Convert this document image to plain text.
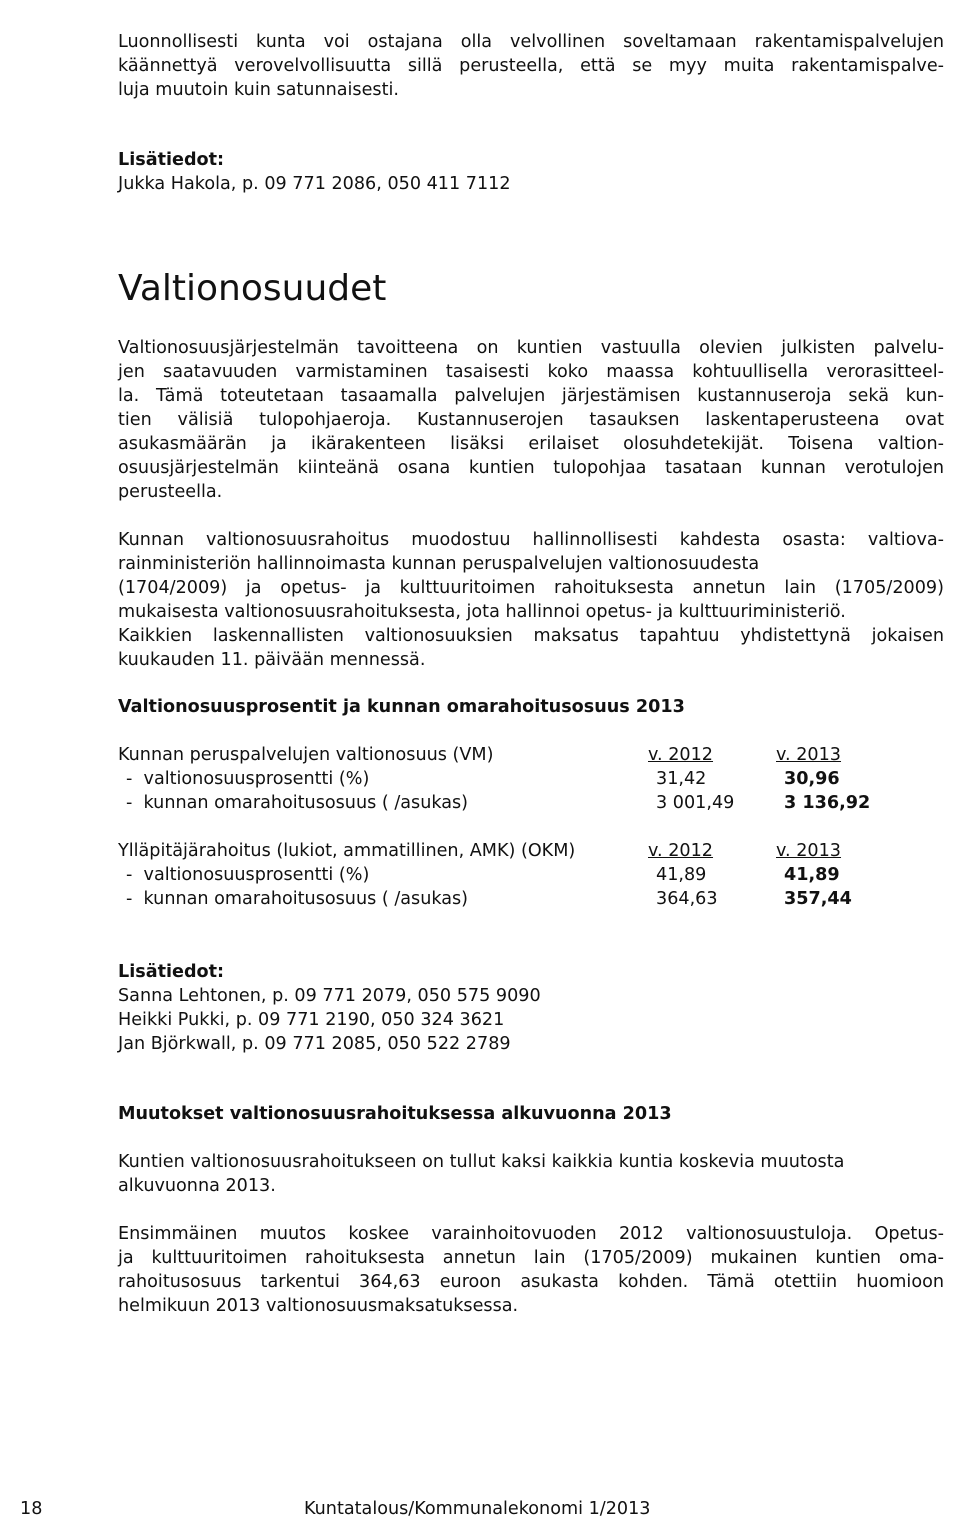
Luonnollisesti kunta voi ostajana olla velvollinen soveltamaan rakentamispalvelujen
käännettyä verovelvollisuutta sillä perusteella, että se myy muita rakentamispalve-
luja muutoin kuin satunnaisesti.
Lisätiedot:
Jukka Hakola, p. 09 771 2086, 050 411 7112
Valtionosuudet
Valtionosuusjärjestelmän tavoitteena on kuntien vastuulla olevien julkisten palvelu-
jen saatavuuden varmistaminen tasaisesti koko maassa kohtuullisella verorasitteel-
la. Tämä toteutetaan tasaamalla palvelujen järjestämisen kustannuseroja sekä kun-
tien välisiä tulopohjaeroja. Kustannuserojen tasauksen laskentaperusteena ovat
asukasmäärän ja ikärakenteen lisäksi erilaiset olosuhdetekijät. Toisena valtion-
osuusjärjestelmän kiinteänä osana kuntien tulopohjaa tasataan kunnan verotulojen
perusteella.
Kunnan valtionosuusrahoitus muodostuu hallinnollisesti kahdesta osasta: valtiova-
rainministeriön hallinnoimasta kunnan peruspalvelujen valtionosuudesta
(1704/2009) ja opetus- ja kulttuuritoimen rahoituksesta annetun lain (1705/2009)
mukaisesta valtionosuusrahoituksesta, jota hallinnoi opetus- ja kulttuuriministeriö.
Kaikkien laskennallisten valtionosuuksien maksatus tapahtuu yhdistettynä jokaisen
kuukauden 11. päivään mennessä.
Valtionosuusprosentit ja kunnan omarahoitusosuus 2013
Kunnan peruspalvelujen valtionosuus (VM)	v. 2012	v. 2013
-  valtionosuusprosentti (%)	31,42	30,96
-  kunnan omarahoitusosuus ( /asukas)	3 001,49	3 136,92
Ylläpitäjärahoitus (lukiot, ammatillinen, AMK) (OKM)	v. 2012	v. 2013
-  valtionosuusprosentti (%)	41,89	41,89
-  kunnan omarahoitusosuus ( /asukas)	364,63	357,44
Lisätiedot:
Sanna Lehtonen, p. 09 771 2079, 050 575 9090
Heikki Pukki, p. 09 771 2190, 050 324 3621
Jan Björkwall, p. 09 771 2085, 050 522 2789
Muutokset valtionosuusrahoituksessa alkuvuonna 2013
Kuntien valtionosuusrahoitukseen on tullut kaksi kaikkia kuntia koskevia muutosta
alkuvuonna 2013.
Ensimmäinen muutos koskee varainhoitovuoden 2012 valtionosuustuloja. Opetus-
ja kulttuuritoimen rahoituksesta annetun lain (1705/2009) mukainen kuntien oma-
rahoitusosuus tarkentui 364,63 euroon asukasta kohden. Tämä otettiin huomioon
helmikuun 2013 valtionosuusmaksatuksessa.
18	Kuntatalous/Kommunalekonomi 1/2013
